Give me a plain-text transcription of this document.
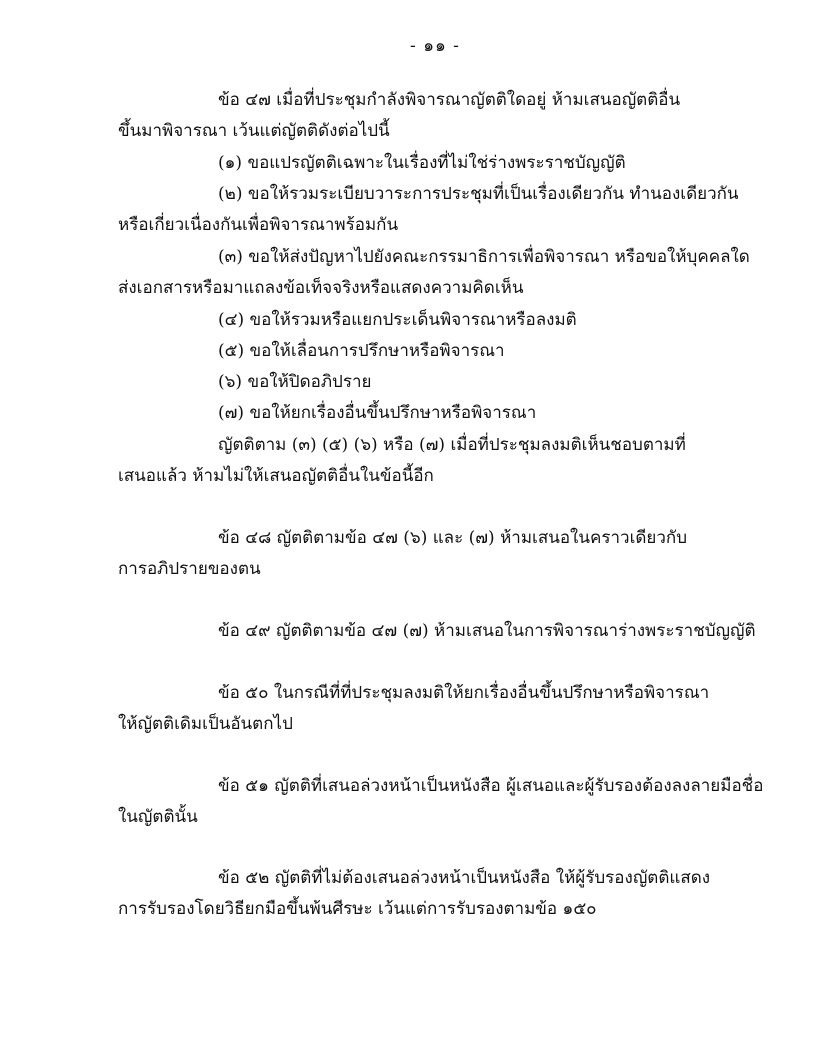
- ๑๑ -
ข้อ ๔๗ เมื่อที่ประชุมกำลังพิจารณาญัตติใดอยู่ ห้ามเสนอญัตติอื่น
ขึ้นมาพิจารณา เว้นแต่ญัตติดังต่อไปนี้
(๑) ขอแปรญัตติเฉพาะในเรื่องที่ไม่ใช่ร่างพระราชบัญญัติ
(๒) ขอให้รวมระเบียบวาระการประชุมที่เป็นเรื่องเดียวกัน ทำนองเดียวกัน
หรือเกี่ยวเนื่องกันเพื่อพิจารณาพร้อมกัน
(๓) ขอให้ส่งปัญหาไปยังคณะกรรมาธิการเพื่อพิจารณา หรือขอให้บุคคลใด
ส่งเอกสารหรือมาแถลงข้อเท็จจริงหรือแสดงความคิดเห็น
(๔) ขอให้รวมหรือแยกประเด็นพิจารณาหรือลงมติ
(๕) ขอให้เลื่อนการปรึกษาหรือพิจารณา
(๖) ขอให้ปิดอภิปราย
(๗) ขอให้ยกเรื่องอื่นขึ้นปรึกษาหรือพิจารณา
ญัตติตาม (๓) (๕) (๖) หรือ (๗) เมื่อที่ประชุมลงมติเห็นชอบตามที่
เสนอแล้ว ห้ามไม่ให้เสนอญัตติอื่นในข้อนี้อีก
ข้อ ๔๘ ญัตติตามข้อ ๔๗ (๖) และ (๗) ห้ามเสนอในคราวเดียวกับ
การอภิปรายของตน
ข้อ ๔๙ ญัตติตามข้อ ๔๗ (๗) ห้ามเสนอในการพิจารณาร่างพระราชบัญญัติ
ข้อ ๕๐ ในกรณีที่ที่ประชุมลงมติให้ยกเรื่องอื่นขึ้นปรึกษาหรือพิจารณา
ให้ญัตติเดิมเป็นอันตกไป
ข้อ ๕๑ ญัตติที่เสนอล่วงหน้าเป็นหนังสือ ผู้เสนอและผู้รับรองต้องลงลายมือชื่อ
ในญัตตินั้น
ข้อ ๕๒ ญัตติที่ไม่ต้องเสนอล่วงหน้าเป็นหนังสือ ให้ผู้รับรองญัตติแสดง
การรับรองโดยวิธียกมือขึ้นพ้นศีรษะ เว้นแต่การรับรองตามข้อ ๑๕๐
